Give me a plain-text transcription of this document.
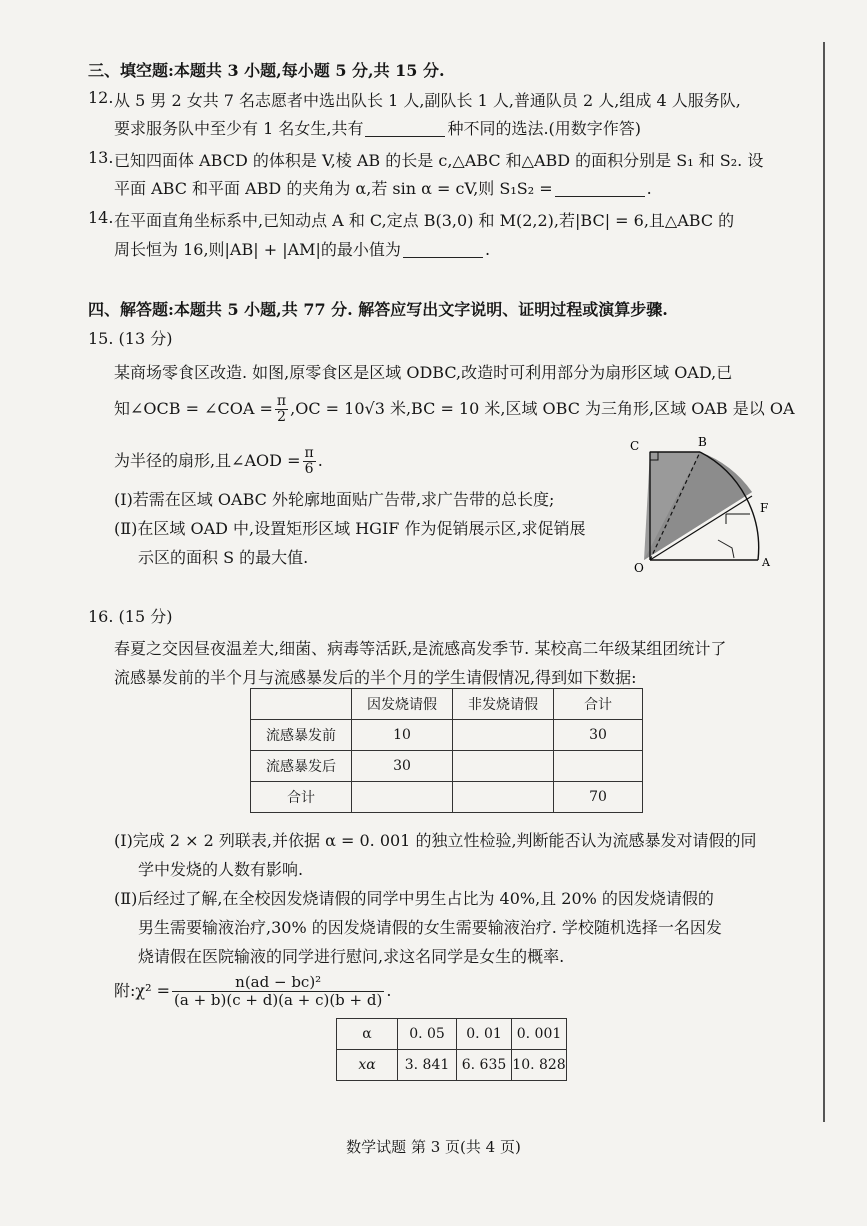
三、填空题:本题共 3 小题,每小题 5 分,共 15 分.
12. 从 5 男 2 女共 7 名志愿者中选出队长 1 人,副队长 1 人,普通队员 2 人,组成 4 人服务队,
要求服务队中至少有 1 名女生,共有	种不同的选法.(用数字作答)
13. 已知四面体 ABCD 的体积是 V,棱 AB 的长是 c,△ABC 和△ABD 的面积分别是 S₁ 和 S₂. 设
平面 ABC 和平面 ABD 的夹角为 α,若 sin α = cV,则 S₁S₂ =	.
14. 在平面直角坐标系中,已知动点 A 和 C,定点 B(3,0) 和 M(2,2),若|BC| = 6,且△ABC 的
周长恒为 16,则|AB| + |AM|的最小值为	.
四、解答题:本题共 5 小题,共 77 分. 解答应写出文字说明、证明过程或演算步骤.
15. (13 分)
某商场零食区改造. 如图,原零食区是区域 ODBC,改造时可利用部分为扇形区域 OAD,已
知∠OCB = ∠COA = $\frac{\pi}{2} ,OC = 10√3$ 米,BC = 10 米,区域 OBC 为三角形,区域 OAB 是以 OA
为半径的扇形,且∠AOD = $\frac{\pi}{6}$ .
(Ⅰ)若需在区域 OABC 外轮廓地面贴广告带,求广告带的总长度;
(Ⅱ)在区域 OAD 中,设置矩形区域 HGIF 作为促销展示区,求促销展
示区的面积 S 的最大值.
C	B
F
O	A
16. (15 分)
春夏之交因昼夜温差大,细菌、病毒等活跃,是流感高发季节. 某校高二年级某组团统计了
流感暴发前的半个月与流感暴发后的半个月的学生请假情况,得到如下数据:
	因发烧请假	非发烧请假	合计
流感暴发前	10		30
流感暴发后	30		
合计			70
(Ⅰ)完成 2 × 2 列联表,并依据 α = 0. 001 的独立性检验,判断能否认为流感暴发对请假的同
学中发烧的人数有影响.
(Ⅱ)后经过了解,在全校因发烧请假的同学中男生占比为 40%,且 20% 的因发烧请假的
男生需要输液治疗,30% 的因发烧请假的女生需要输液治疗. 学校随机选择一名因发
烧请假在医院输液的同学进行慰问,求这名同学是女生的概率.
附:χ² = $\frac{\text{n(ad − bc)²}}{(a + b)(c + d)(a + c)(b + d)}$ .
α	0. 05	0. 01	0. 001
xα	3. 841	6. 635	10. 828
数学试题 第 3 页(共 4 页)
